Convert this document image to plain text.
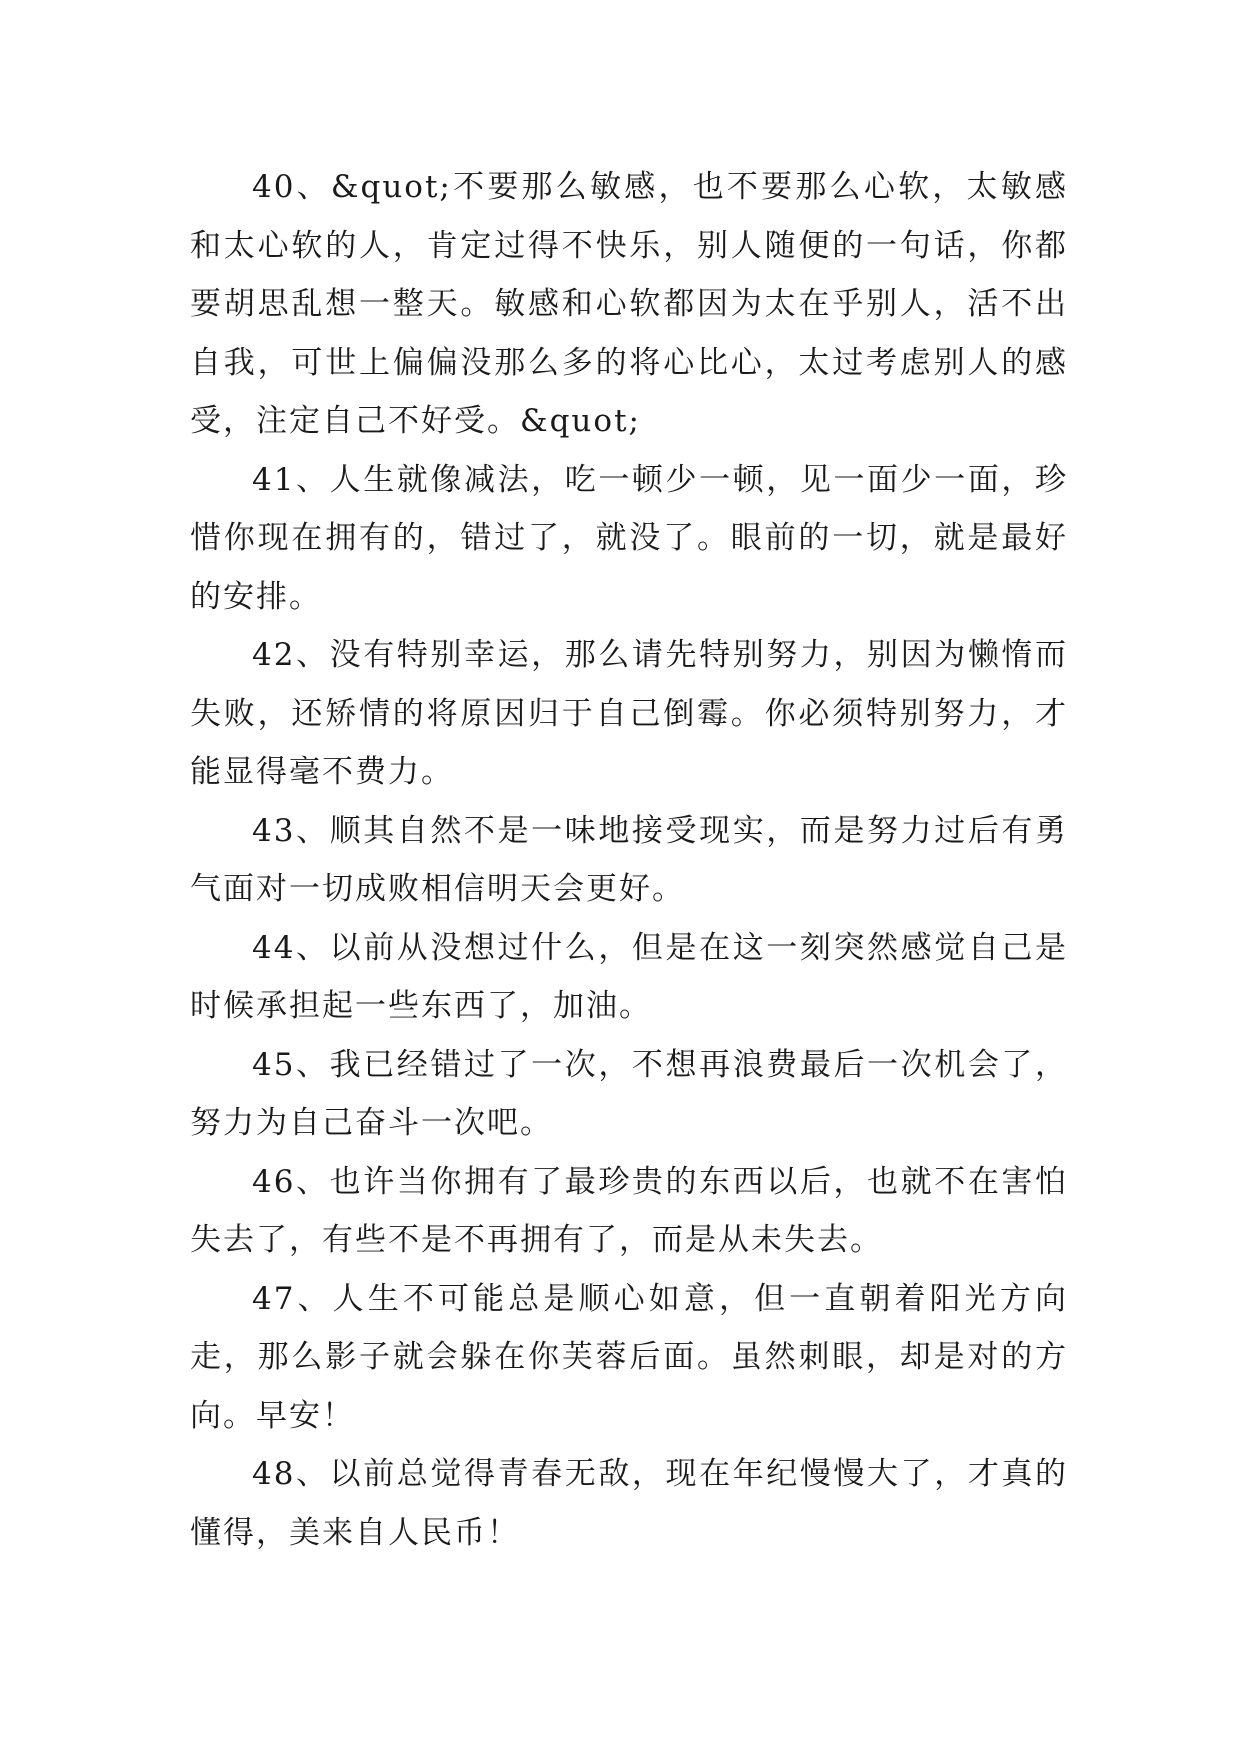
40、&quot;不要那么敏感，也不要那么心软，太敏感和太心软的人，肯定过得不快乐，别人随便的一句话，你都要胡思乱想一整天。敏感和心软都因为太在乎别人，活不出自我，可世上偏偏没那么多的将心比心，太过考虑别人的感受，注定自己不好受。&quot;

41、人生就像减法，吃一顿少一顿，见一面少一面，珍惜你现在拥有的，错过了，就没了。眼前的一切，就是最好的安排。

42、没有特别幸运，那么请先特别努力，别因为懒惰而失败，还矫情的将原因归于自己倒霉。你必须特别努力，才能显得毫不费力。

43、顺其自然不是一味地接受现实，而是努力过后有勇气面对一切成败相信明天会更好。

44、以前从没想过什么，但是在这一刻突然感觉自己是时候承担起一些东西了，加油。

45、我已经错过了一次，不想再浪费最后一次机会了，努力为自己奋斗一次吧。

46、也许当你拥有了最珍贵的东西以后，也就不在害怕失去了，有些不是不再拥有了，而是从未失去。

47、人生不可能总是顺心如意，但一直朝着阳光方向走，那么影子就会躲在你芙蓉后面。虽然刺眼，却是对的方向。早安！

48、以前总觉得青春无敌，现在年纪慢慢大了，才真的懂得，美来自人民币！
